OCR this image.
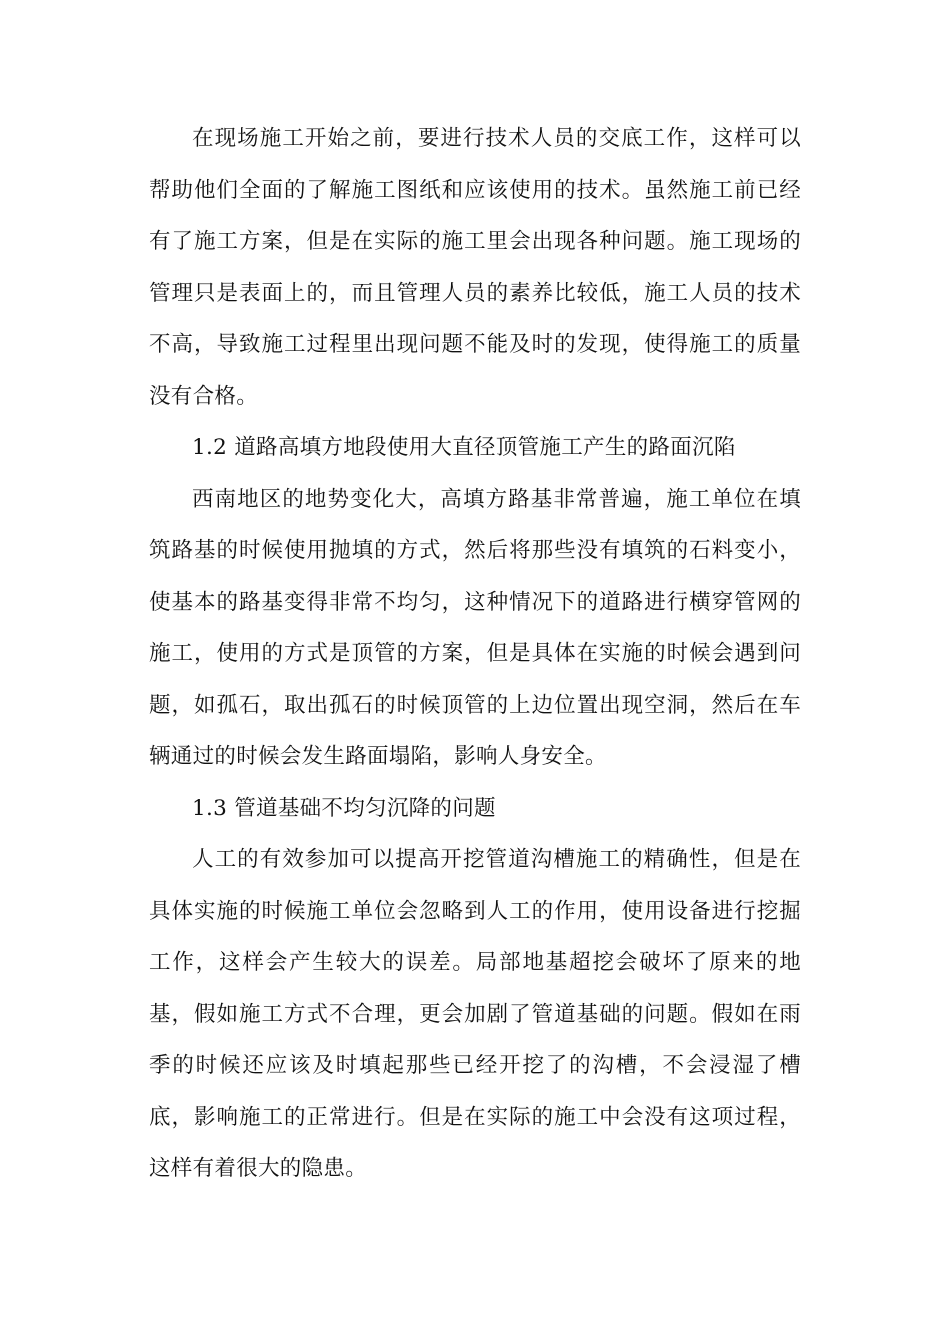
在现场施工开始之前，要进行技术人员的交底工作，这样可以帮助他们全面的了解施工图纸和应该使用的技术。虽然施工前已经有了施工方案，但是在实际的施工里会出现各种问题。施工现场的管理只是表面上的，而且管理人员的素养比较低，施工人员的技术不高，导致施工过程里出现问题不能及时的发现，使得施工的质量没有合格。

1.2 道路高填方地段使用大直径顶管施工产生的路面沉陷

西南地区的地势变化大，高填方路基非常普遍，施工单位在填筑路基的时候使用抛填的方式，然后将那些没有填筑的石料变小，使基本的路基变得非常不均匀，这种情况下的道路进行横穿管网的施工，使用的方式是顶管的方案，但是具体在实施的时候会遇到问题，如孤石，取出孤石的时候顶管的上边位置出现空洞，然后在车辆通过的时候会发生路面塌陷，影响人身安全。

1.3 管道基础不均匀沉降的问题

人工的有效参加可以提高开挖管道沟槽施工的精确性，但是在具体实施的时候施工单位会忽略到人工的作用，使用设备进行挖掘工作，这样会产生较大的误差。局部地基超挖会破坏了原来的地基，假如施工方式不合理，更会加剧了管道基础的问题。假如在雨季的时候还应该及时填起那些已经开挖了的沟槽，不会浸湿了槽底，影响施工的正常进行。但是在实际的施工中会没有这项过程，这样有着很大的隐患。
